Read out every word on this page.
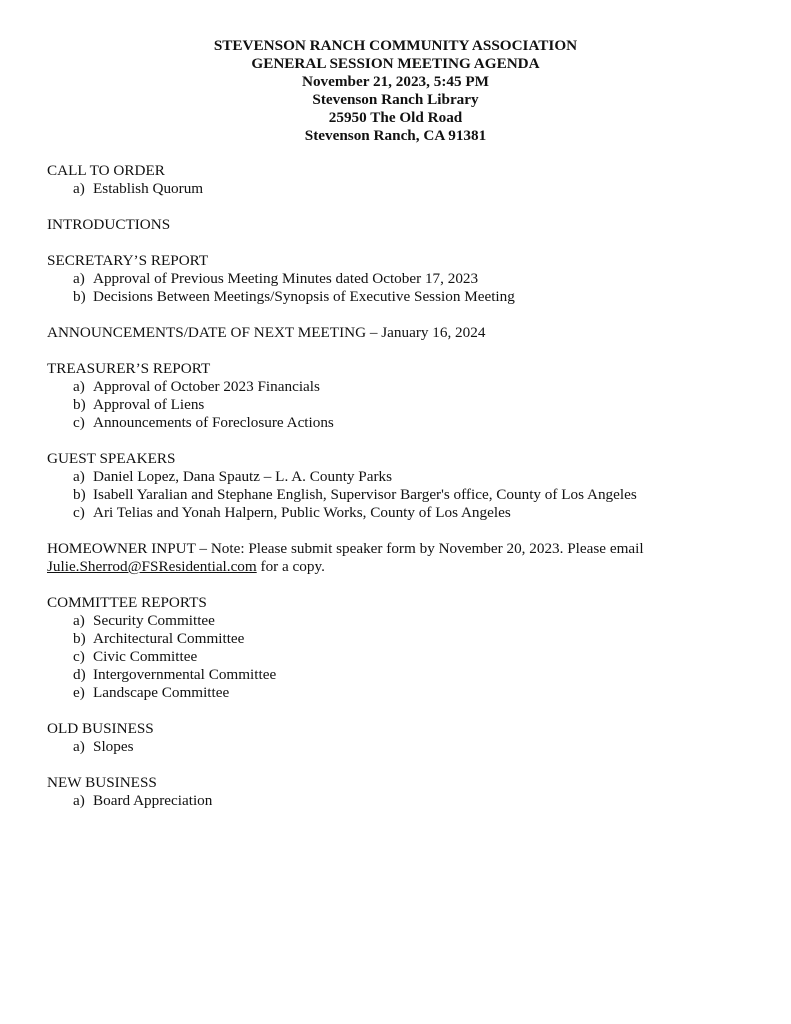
STEVENSON RANCH COMMUNITY ASSOCIATION
GENERAL SESSION MEETING AGENDA
November 21, 2023, 5:45 PM
Stevenson Ranch Library
25950 The Old Road
Stevenson Ranch, CA 91381
CALL TO ORDER
a) Establish Quorum
INTRODUCTIONS
SECRETARY’S REPORT
a) Approval of Previous Meeting Minutes dated October 17, 2023
b) Decisions Between Meetings/Synopsis of Executive Session Meeting
ANNOUNCEMENTS/DATE OF NEXT MEETING – January 16, 2024
TREASURER’S REPORT
a) Approval of October 2023 Financials
b) Approval of Liens
c) Announcements of Foreclosure Actions
GUEST SPEAKERS
a) Daniel Lopez, Dana Spautz – L. A. County Parks
b) Isabell Yaralian and Stephane English, Supervisor Barger's office, County of Los Angeles
c) Ari Telias and Yonah Halpern, Public Works, County of Los Angeles
HOMEOWNER INPUT – Note: Please submit speaker form by November 20, 2023. Please email
Julie.Sherrod@FSResidential.com for a copy.
COMMITTEE REPORTS
a) Security Committee
b) Architectural Committee
c) Civic Committee
d) Intergovernmental Committee
e) Landscape Committee
OLD BUSINESS
a) Slopes
NEW BUSINESS
a) Board Appreciation
